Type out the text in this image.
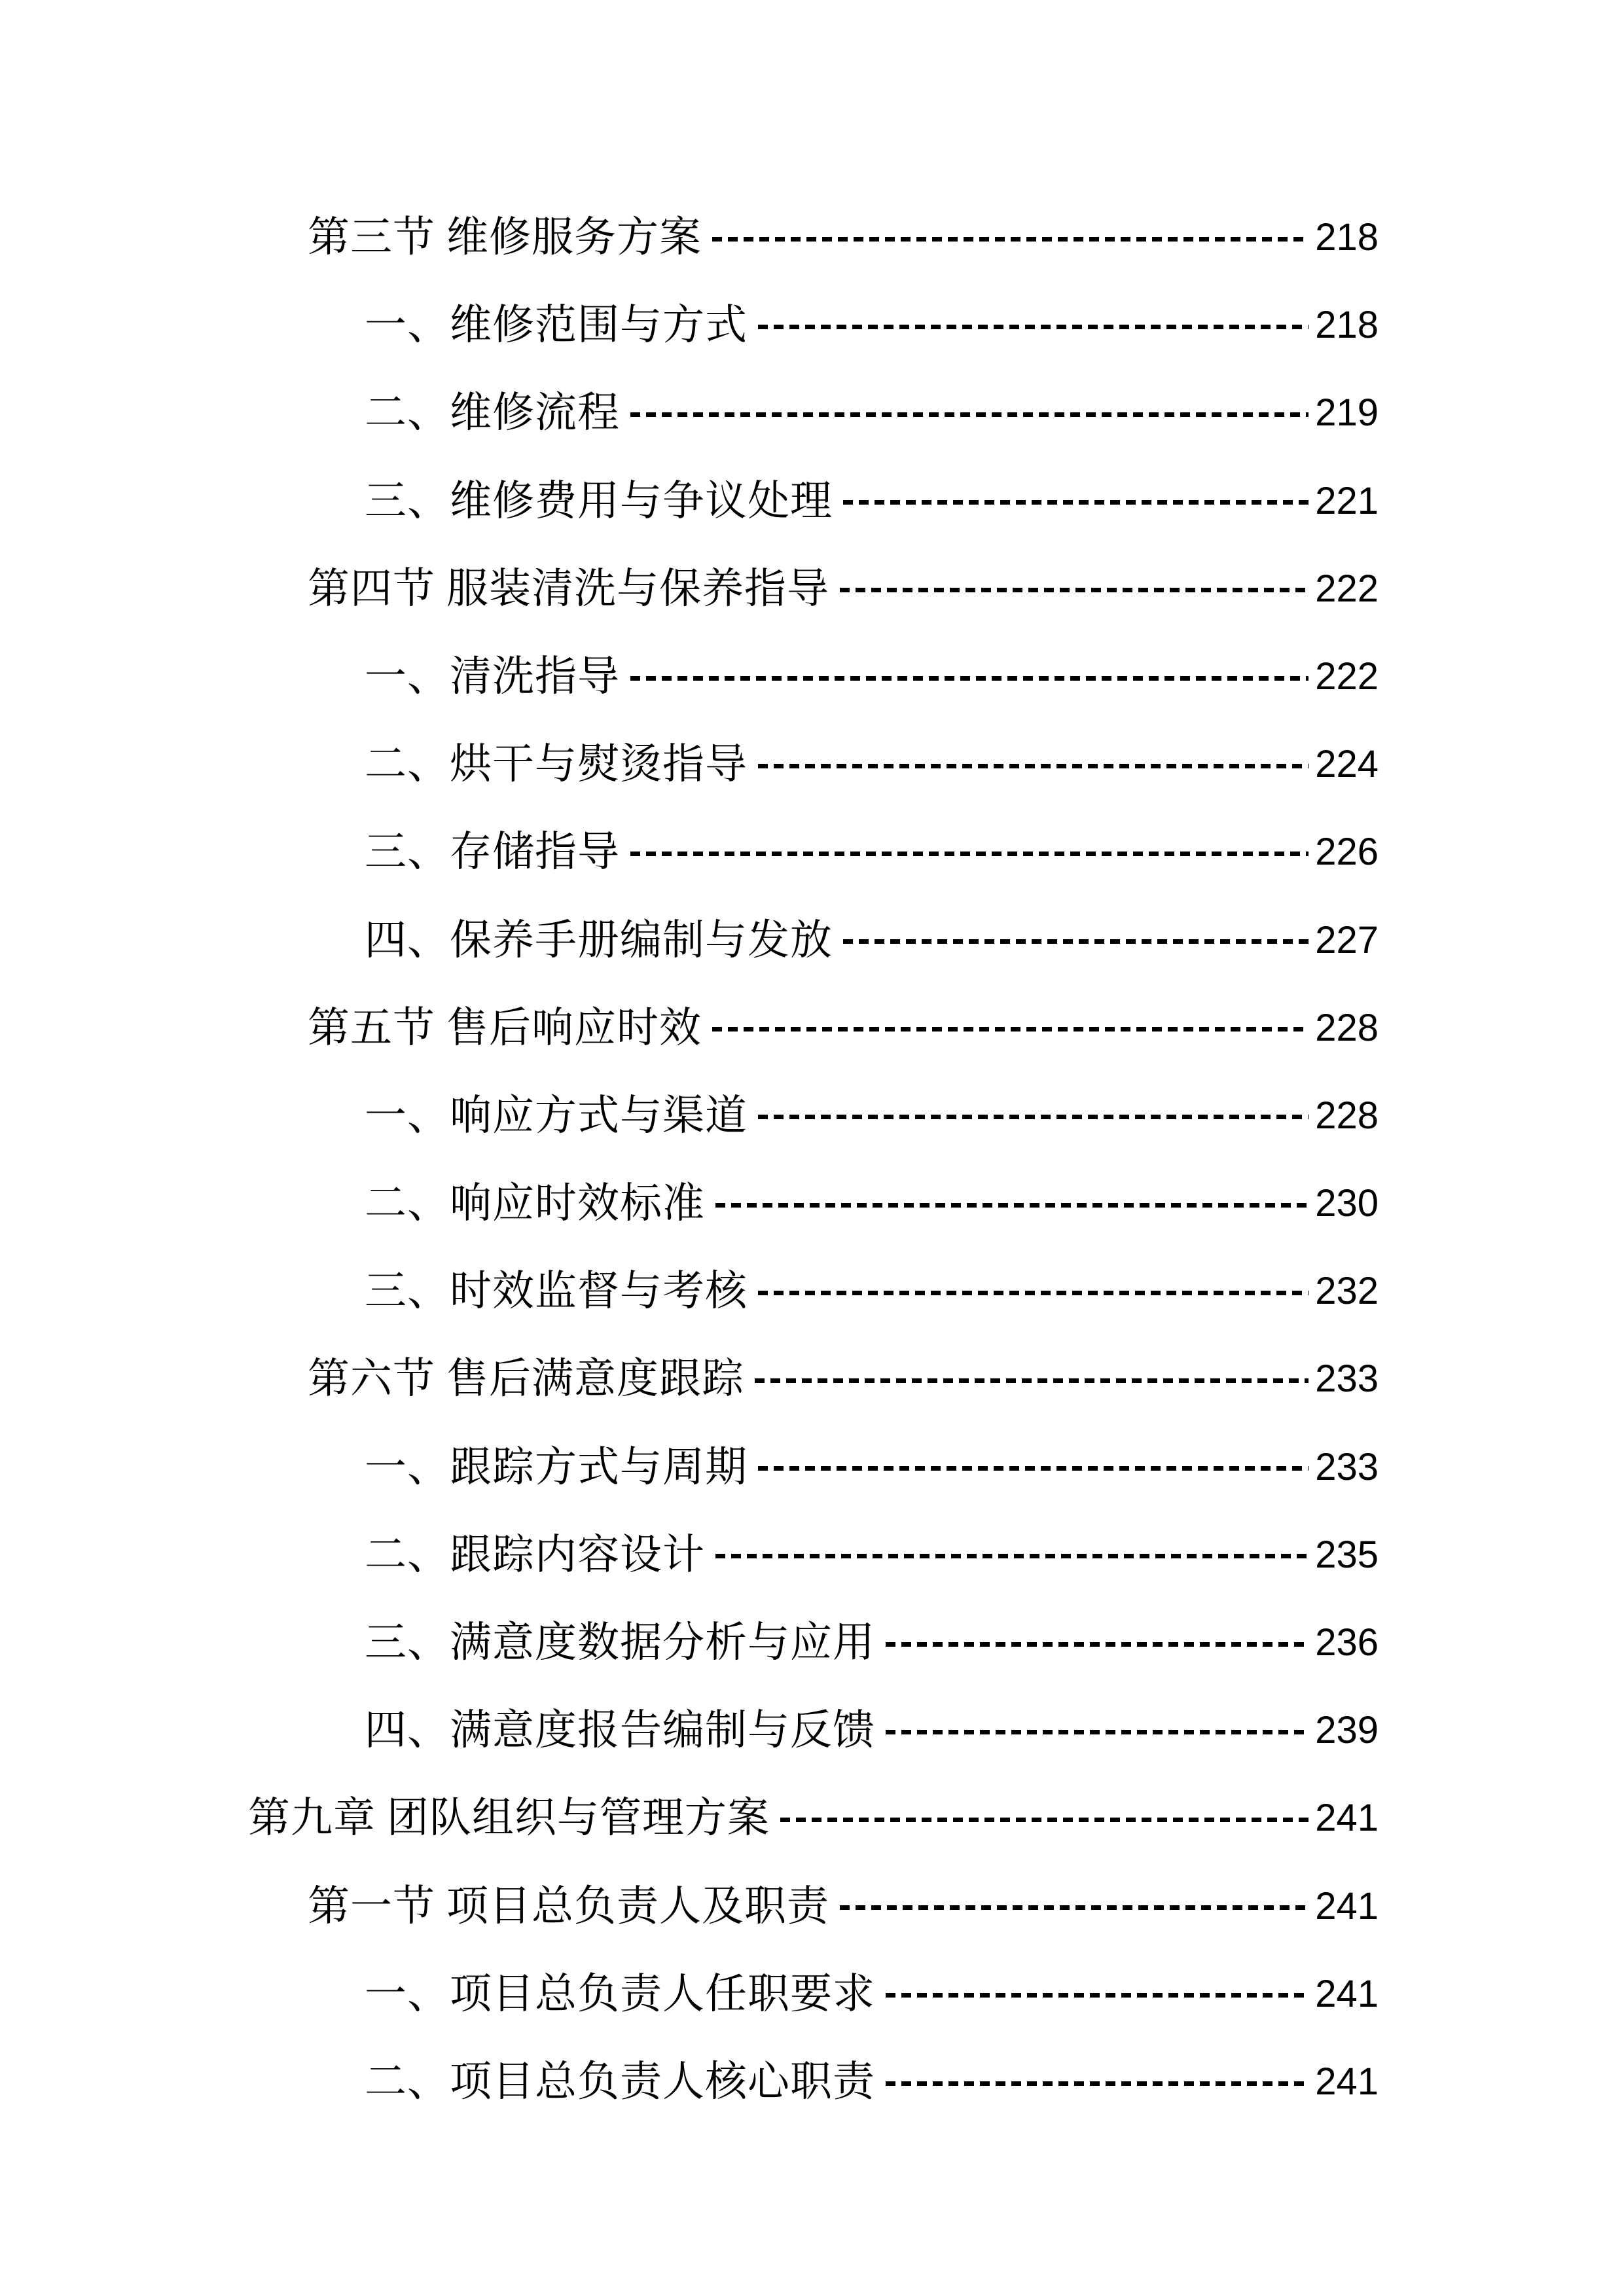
第三节 维修服务方案	218
一、维修范围与方式	218
二、维修流程	219
三、维修费用与争议处理	221
第四节 服装清洗与保养指导	222
一、清洗指导	222
二、烘干与熨烫指导	224
三、存储指导	226
四、保养手册编制与发放	227
第五节 售后响应时效	228
一、响应方式与渠道	228
二、响应时效标准	230
三、时效监督与考核	232
第六节 售后满意度跟踪	233
一、跟踪方式与周期	233
二、跟踪内容设计	235
三、满意度数据分析与应用	236
四、满意度报告编制与反馈	239
第九章 团队组织与管理方案	241
第一节 项目总负责人及职责	241
一、项目总负责人任职要求	241
二、项目总负责人核心职责	241
